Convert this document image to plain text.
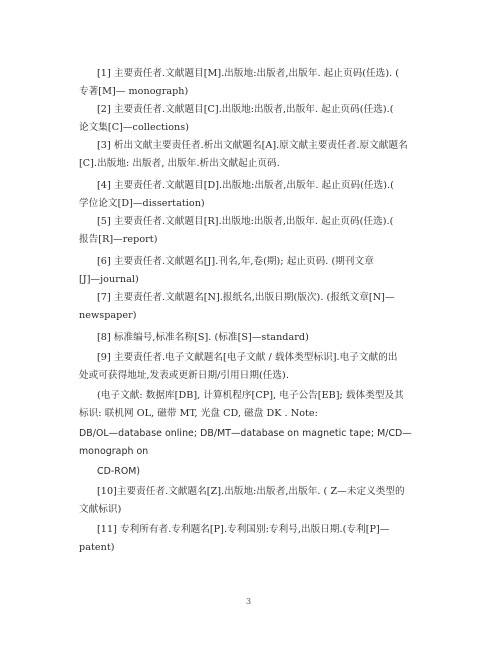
[1] 主要责任者.文献题目[M].出版地:出版者,出版年. 起止页码(任选). (
专著[M]— monograph)
[2] 主要责任者.文献题目[C].出版地:出版者,出版年. 起止页码(任选).(
论文集[C]—collections)
[3] 析出文献主要责任者.析出文献题名[A].原文献主要责任者.原文献题名
[C].出版地: 出版者, 出版年.析出文献起止页码.
[4] 主要责任者.文献题目[D].出版地:出版者,出版年. 起止页码(任选).(
学位论文[D]—dissertation)
[5] 主要责任者.文献题目[R].出版地:出版者,出版年. 起止页码(任选).(
报告[R]—report)
[6] 主要责任者.文献题名[J].刊名,年,卷(期); 起止页码. (期刊文章
[J]—journal)
[7] 主要责任者.文献题名[N].报纸名,出版日期(版次). (报纸文章[N]—
newspaper)
[8] 标准编号,标准名称[S]. (标准[S]—standard)
[9] 主要责任者.电子文献题名[电子文献 / 载体类型标识].电子文献的出
处或可获得地址,发表或更新日期/引用日期(任选).
(电子文献: 数据库[DB], 计算机程序[CP], 电子公告[EB]; 载体类型及其
标识: 联机网 OL, 磁带 MT, 光盘 CD, 磁盘 DK . Note:
DB/OL—database online; DB/MT—database on magnetic tape; M/CD—
monograph on
CD-ROM)
[10]主要责任者.文献题名[Z].出版地:出版者,出版年. ( Z—未定义类型的
文献标识)
[11] 专利所有者.专利题名[P].专利国别:专利号,出版日期.(专利[P]—
patent)
3
